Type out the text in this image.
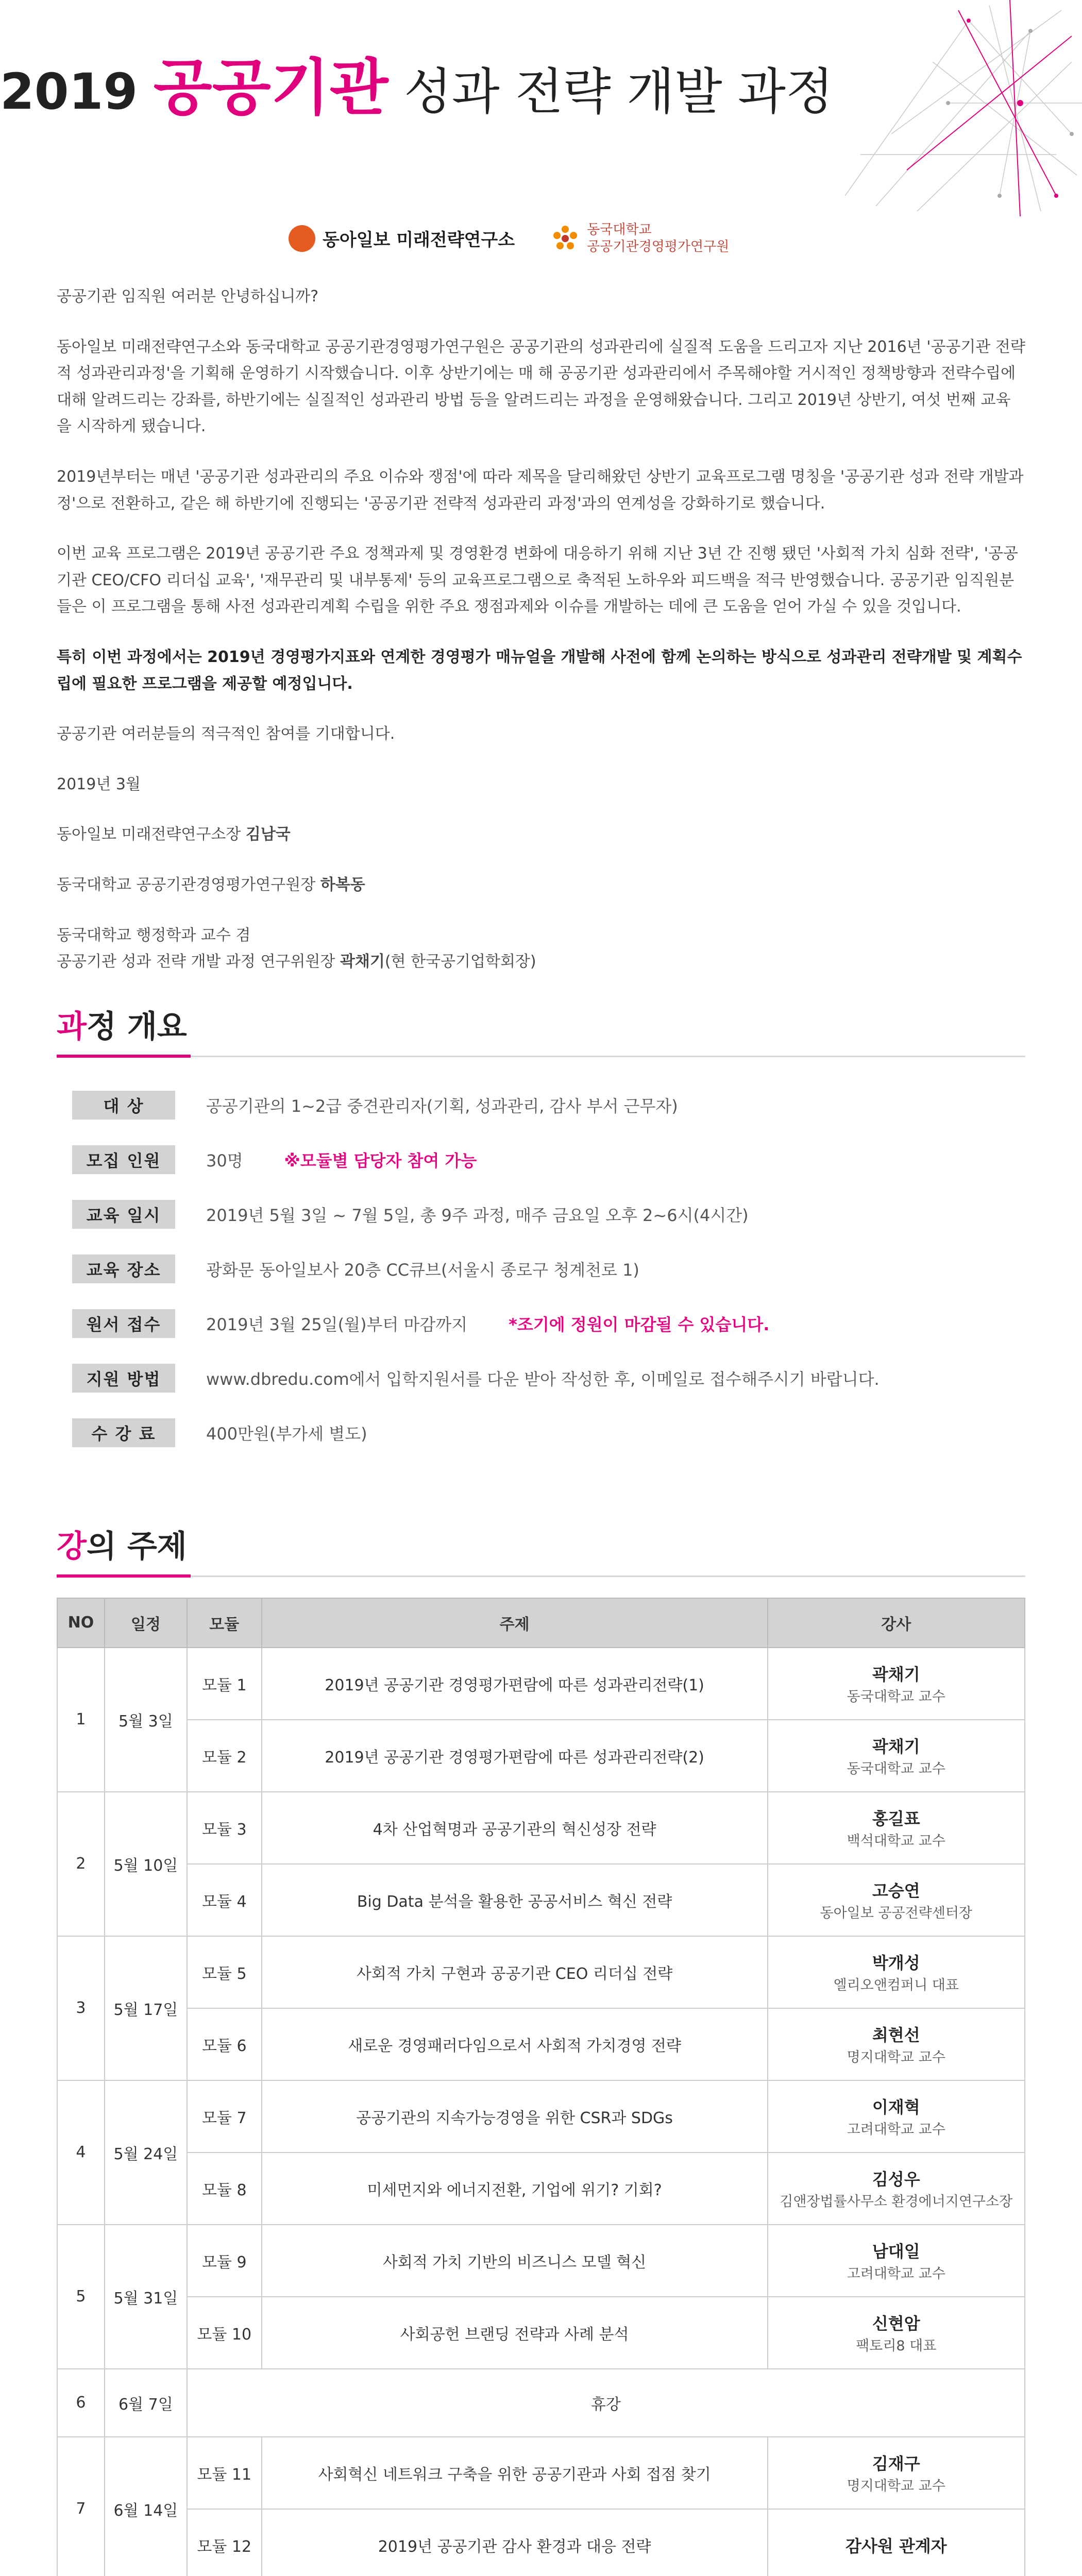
2019 공공기관 성과 전략 개발 과정
동아일보 미래전략연구소	동국대학교
공공기관경영평가연구원

공공기관 임직원 여러분 안녕하십니까?

동아일보 미래전략연구소와 동국대학교 공공기관경영평가연구원은 공공기관의 성과관리에 실질적 도움을 드리고자 지난 2016년 '공공기관 전략적 성과관리과정'을 기획해 운영하기 시작했습니다. 이후 상반기에는 매 해 공공기관 성과관리에서 주목해야할 거시적인 정책방향과 전략수립에 대해 알려드리는 강좌를, 하반기에는 실질적인 성과관리 방법 등을 알려드리는 과정을 운영해왔습니다. 그리고 2019년 상반기, 여섯 번째 교육을 시작하게 됐습니다.

2019년부터는 매년 '공공기관 성과관리의 주요 이슈와 쟁점'에 따라 제목을 달리해왔던 상반기 교육프로그램 명칭을 '공공기관 성과 전략 개발과정'으로 전환하고, 같은 해 하반기에 진행되는 '공공기관 전략적 성과관리 과정'과의 연계성을 강화하기로 했습니다.

이번 교육 프로그램은 2019년 공공기관 주요 정책과제 및 경영환경 변화에 대응하기 위해 지난 3년 간 진행 됐던 '사회적 가치 심화 전략', '공공기관 CEO/CFO 리더십 교육', '재무관리 및 내부통제' 등의 교육프로그램으로 축적된 노하우와 피드백을 적극 반영했습니다. 공공기관 임직원분들은 이 프로그램을 통해 사전 성과관리계획 수립을 위한 주요 쟁점과제와 이슈를 개발하는 데에 큰 도움을 얻어 가실 수 있을 것입니다.

특히 이번 과정에서는 2019년 경영평가지표와 연계한 경영평가 매뉴얼을 개발해 사전에 함께 논의하는 방식으로 성과관리 전략개발 및 계획수립에 필요한 프로그램을 제공할 예정입니다.

공공기관 여러분들의 적극적인 참여를 기대합니다.

2019년 3월

동아일보 미래전략연구소장 김남국

동국대학교 공공기관경영평가연구원장 하복동

동국대학교 행정학과 교수 겸
공공기관 성과 전략 개발 과정 연구위원장 곽채기(현 한국공기업학회장)

과정 개요
대 상	공공기관의 1~2급 중견관리자(기획, 성과관리, 감사 부서 근무자)
모집 인원	30명	※모듈별 담당자 참여 가능
교육 일시	2019년 5월 3일 ~ 7월 5일, 총 9주 과정, 매주 금요일 오후 2~6시(4시간)
교육 장소	광화문 동아일보사 20층 CC큐브(서울시 종로구 청계천로 1)
원서 접수	2019년 3월 25일(월)부터 마감까지	*조기에 정원이 마감될 수 있습니다.
지원 방법	www.dbredu.com에서 입학지원서를 다운 받아 작성한 후, 이메일로 접수해주시기 바랍니다.
수 강 료	400만원(부가세 별도)
강의 주제
NO	일정	모듈	주제	강사
1	5월 3일	모듈 1	2019년 공공기관 경영평가편람에 따른 성과관리전략(1)	곽채기
동국대학교 교수

		모듈 2	2019년 공공기관 경영평가편람에 따른 성과관리전략(2)	곽채기
동국대학교 교수

2	5월 10일	모듈 3	4차 산업혁명과 공공기관의 혁신성장 전략	홍길표
백석대학교 교수

		모듈 4	Big Data 분석을 활용한 공공서비스 혁신 전략	고승연
동아일보 공공전략센터장

3	5월 17일	모듈 5	사회적 가치 구현과 공공기관 CEO 리더십 전략	박개성
엘리오앤컴퍼니 대표

		모듈 6	새로운 경영패러다임으로서 사회적 가치경영 전략	최현선
명지대학교 교수

4	5월 24일	모듈 7	공공기관의 지속가능경영을 위한 CSR과 SDGs	이재혁
고려대학교 교수

		모듈 8	미세먼지와 에너지전환, 기업에 위기? 기회?	김성우
김앤장법률사무소 환경에너지연구소장

5	5월 31일	모듈 9	사회적 가치 기반의 비즈니스 모델 혁신	남대일
고려대학교 교수

		모듈 10	사회공헌 브랜딩 전략과 사례 분석	신현암
팩토리8 대표

6	6월 7일	휴강		
7	6월 14일	모듈 11	사회혁신 네트워크 구축을 위한 공공기관과 사회 접점 찾기	김재구
명지대학교 교수

		모듈 12	2019년 공공기관 감사 환경과 대응 전략	감사원 관계자
